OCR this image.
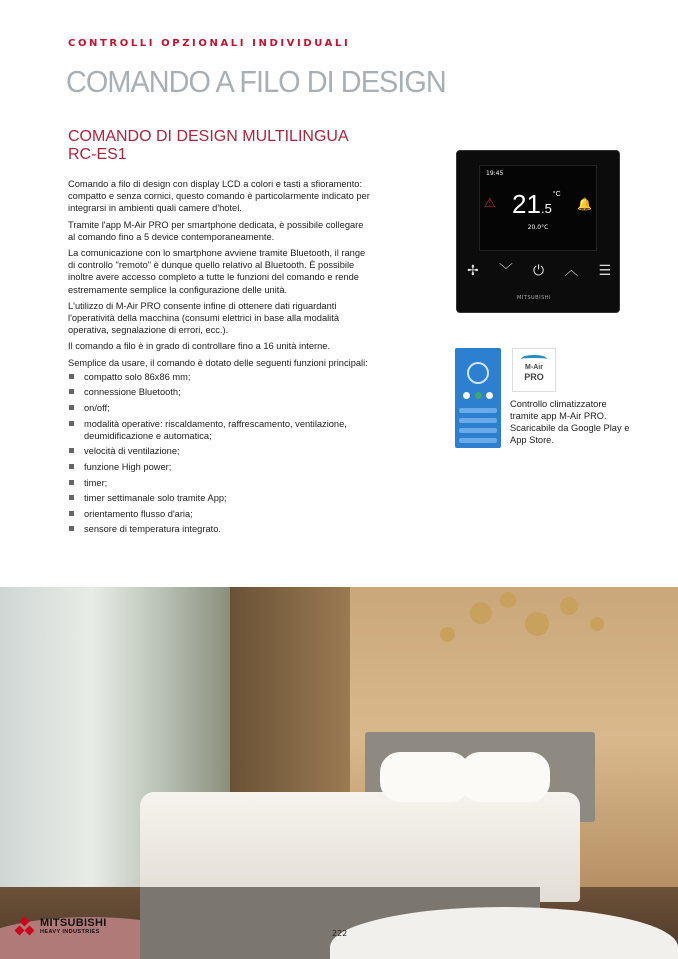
CONTROLLI OPZIONALI INDIVIDUALI
COMANDO A FILO DI DESIGN
COMANDO DI DESIGN MULTILINGUA
RC-ES1

Comando a filo di design con display LCD a colori e tasti a sfioramento: compatto e senza cornici, questo comando è particolarmente indicato per integrarsi in ambienti quali camere d'hotel.

Tramite l'app M-Air PRO per smartphone dedicata, è possibile collegare al comando fino a 5 device contemporaneamente.

La comunicazione con lo smartphone avviene tramite Bluetooth, il range di controllo "remoto" è dunque quello relativo al Bluetooth. È possibile inoltre avere accesso completo a tutte le funzioni del comando e rende estremamente semplice la configurazione delle unità.

L'utilizzo di M-Air PRO consente infine di ottenere dati riguardanti l'operatività della macchina (consumi elettrici in base alla modalità operativa, segnalazione di errori, ecc.).

Il comando a filo è in grado di controllare fino a 16 unità interne.

Semplice da usare, il comando è dotato delle seguenti funzioni principali:

compatto solo 86x86 mm;
connessione Bluetooth;
on/off;
modalità operative: riscaldamento, raffrescamento, ventilazione, deumidificazione e automatica;
velocità di ventilazione;
funzione High power;
timer;
timer settimanale solo tramite App;
orientamento flusso d'aria;
sensore di temperatura integrato.
19:45
⚠ 21 .5
°C
🔔
20.0°C
✢ ﹀ ⏻ ︿ ☰
MITSUBISHI
M-Air
PRO
Controllo climatizzatore tramite app M-Air PRO. Scaricabile da Google Play e App Store.
MITSUBISHI
HEAVY INDUSTRIES	222
